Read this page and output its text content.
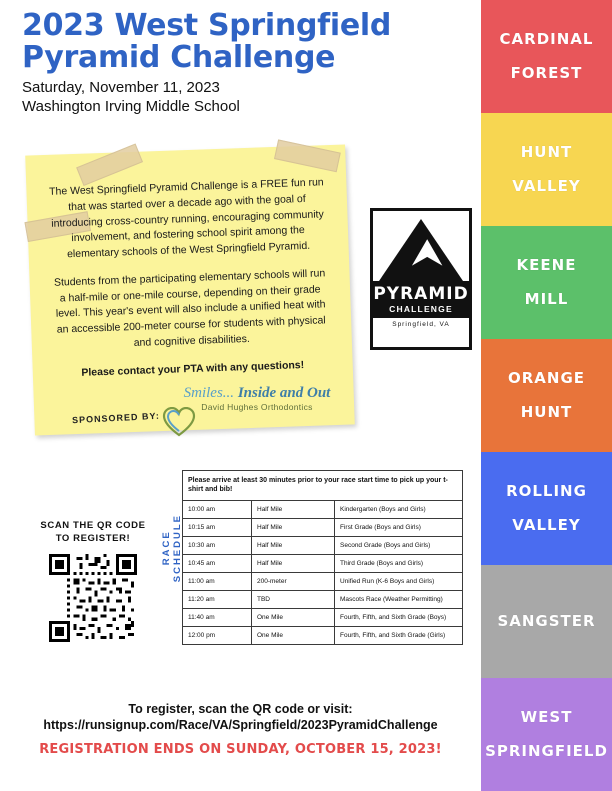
2023 West Springfield
Pyramid Challenge
Saturday, November 11, 2023
Washington Irving Middle School

The West Springfield Pyramid Challenge is a FREE fun run that was started over a decade ago with the goal of introducing cross-country running, encouraging community involvement, and fostering school spirit among the elementary schools of the West Springfield Pyramid.

Students from the participating elementary schools will run a half-mile or one-mile course, depending on their grade level. This year's event will also include a unified heat with an accessible 200-meter course for students with physical and cognitive disabilities.

Please contact your PTA with any questions!

⮝
PYRAMID
CHALLENGE
Springfield, VA
SPONSORED BY:
Smiles... Inside and Out
David Hughes Orthodontics
SCAN THE QR CODE
TO REGISTER!	RACE SCHEDULE
Please arrive at least 30 minutes prior to your race start time to pick up your t-shirt and bib!		
10:00 am	Half Mile	Kindergarten (Boys and Girls)
10:15 am	Half Mile	First Grade (Boys and Girls)
10:30 am	Half Mile	Second Grade (Boys and Girls)
10:45 am	Half Mile	Third Grade (Boys and Girls)
11:00 am	200-meter	Unified Run (K-6 Boys and Girls)
11:20 am	TBD	Mascots Race (Weather Permitting)
11:40 am	One Mile	Fourth, Fifth, and Sixth Grade (Boys)
12:00 pm	One Mile	Fourth, Fifth, and Sixth Grade (Girls)
To register, scan the QR code or visit:
https://runsignup.com/Race/VA/Springfield/2023PyramidChallenge
REGISTRATION ENDS ON SUNDAY, OCTOBER 15, 2023!
CARDINAL

FOREST
HUNT

VALLEY
KEENE

MILL
ORANGE

HUNT
ROLLING

VALLEY
SANGSTER
WEST

SPRINGFIELD
